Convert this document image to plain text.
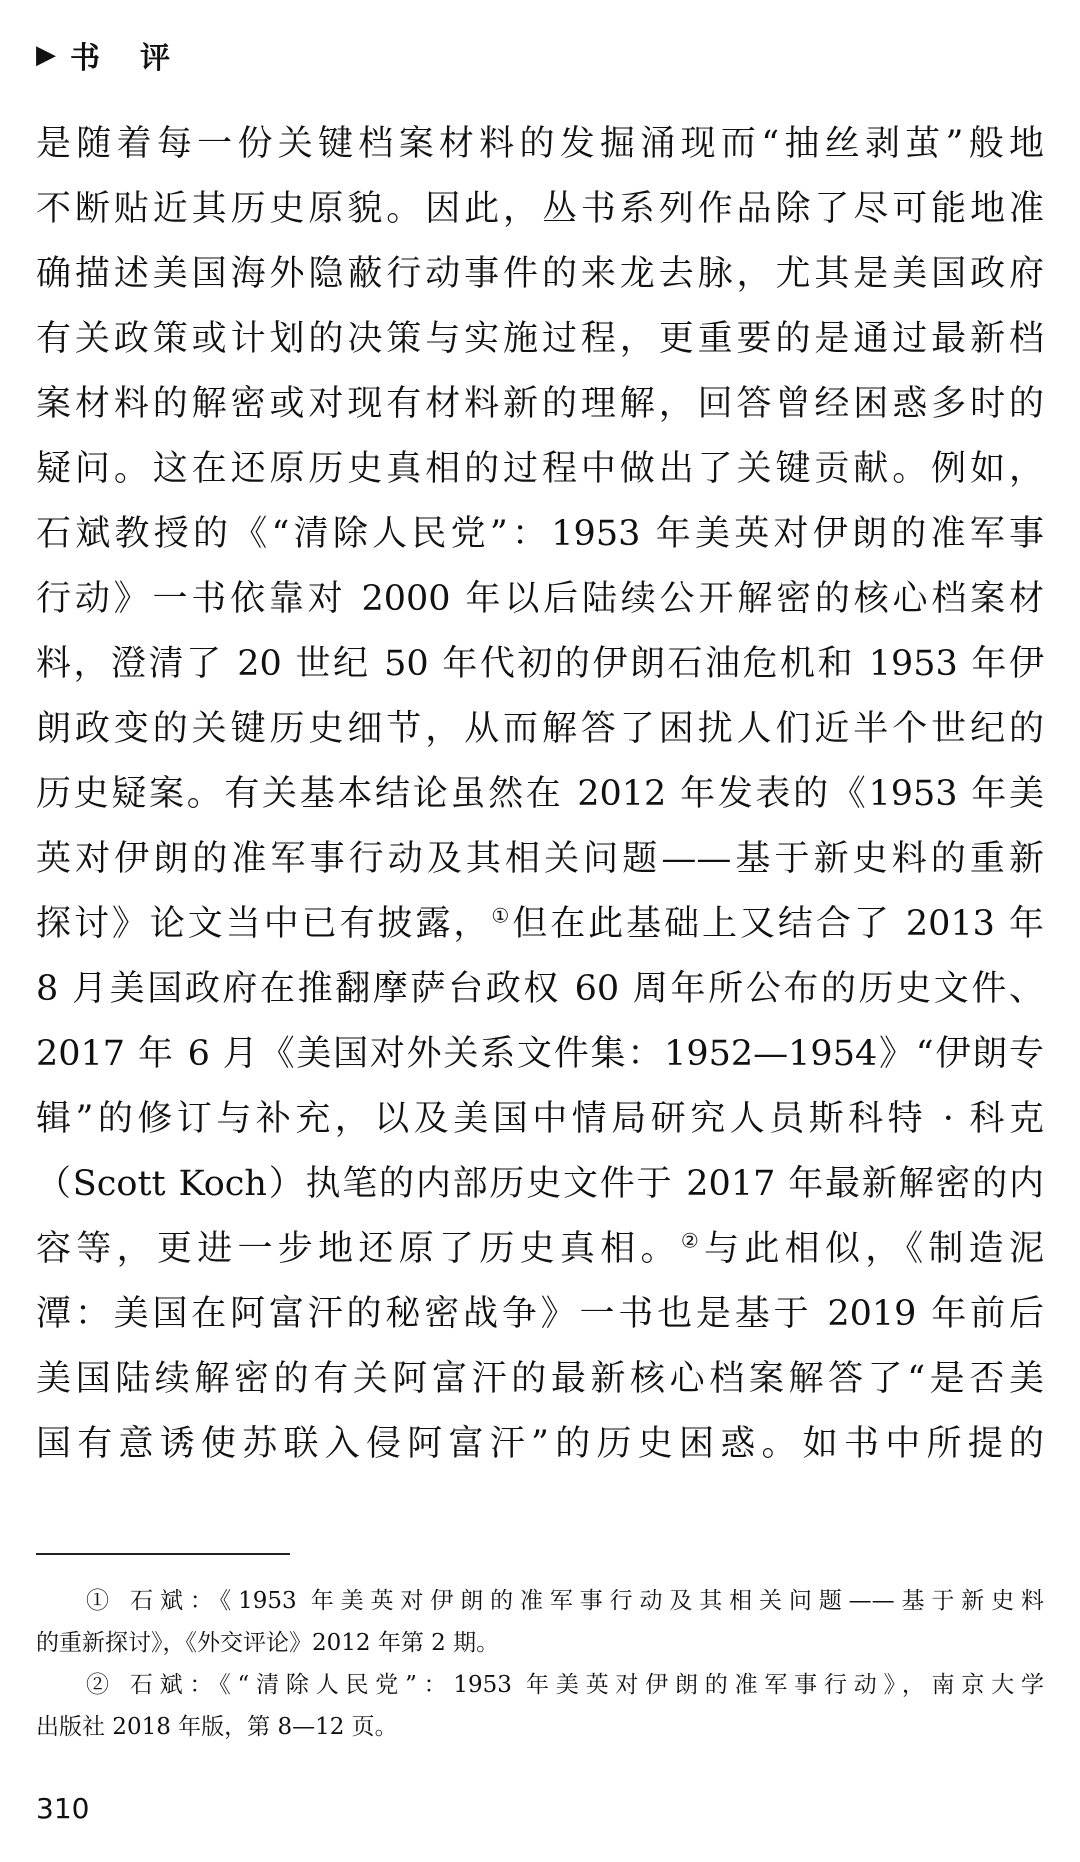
▶ 书评
是随着每一份关键档案材料的发掘涌现而“抽丝剥茧”般地
不断贴近其历史原貌。因此，丛书系列作品除了尽可能地准
确描述美国海外隐蔽行动事件的来龙去脉，尤其是美国政府
有关政策或计划的决策与实施过程，更重要的是通过最新档
案材料的解密或对现有材料新的理解，回答曾经困惑多时的
疑问。这在还原历史真相的过程中做出了关键贡献。例如，
石斌教授的《“清除人民党”：1953 年美英对伊朗的准军事
行动》一书依靠对 2000 年以后陆续公开解密的核心档案材
料，澄清了 20 世纪 50 年代初的伊朗石油危机和 1953 年伊
朗政变的关键历史细节，从而解答了困扰人们近半个世纪的
历史疑案。有关基本结论虽然在 2012 年发表的《1953 年美
英对伊朗的准军事行动及其相关问题——基于新史料的重新
探讨》论文当中已有披露，①但在此基础上又结合了 2013 年
8 月美国政府在推翻摩萨台政权 60 周年所公布的历史文件、
2017 年 6 月《美国对外关系文件集：1952—1954》“伊朗专
辑”的修订与补充，以及美国中情局研究人员斯科特 · 科克
（Scott Koch）执笔的内部历史文件于 2017 年最新解密的内
容等，更进一步地还原了历史真相。②与此相似，《制造泥
潭：美国在阿富汗的秘密战争》一书也是基于 2019 年前后
美国陆续解密的有关阿富汗的最新核心档案解答了“是否美
国有意诱使苏联入侵阿富汗”的历史困惑。如书中所提的
① 石斌：《1953 年美英对伊朗的准军事行动及其相关问题——基于新史料
的重新探讨》，《外交评论》2012 年第 2 期。
② 石斌：《“清除人民党”：1953 年美英对伊朗的准军事行动》，南京大学
出版社 2018 年版，第 8—12 页。
310
